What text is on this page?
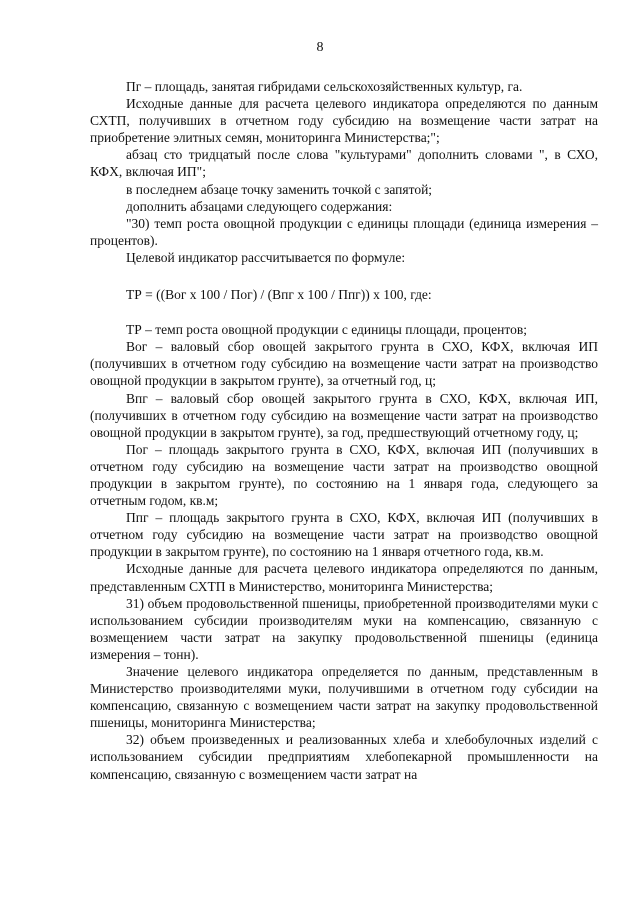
8

Пг – площадь, занятая гибридами сельскохозяйственных культур, га.

Исходные данные для расчета целевого индикатора определяются по данным СХТП, получивших в отчетном году субсидию на возмещение части затрат на приобретение элитных семян, мониторинга Министерства;";

абзац сто тридцатый после слова "культурами" дополнить словами ", в СХО, КФХ, включая ИП";

в последнем абзаце точку заменить точкой с запятой;

дополнить абзацами следующего содержания:

"30) темп роста овощной продукции с единицы площади (единица измерения – процентов).

Целевой индикатор рассчитывается по формуле:

ТР = ((Вог х 100 / Пог) / (Впг х 100 / Ппг)) х 100, где:

ТР – темп роста овощной продукции с единицы площади, процентов;

Вог – валовый сбор овощей закрытого грунта в СХО, КФХ, включая ИП (получивших в отчетном году субсидию на возмещение части затрат на производство овощной продукции в закрытом грунте), за отчетный год, ц;

Впг – валовый сбор овощей закрытого грунта в СХО, КФХ, включая ИП, (получивших в отчетном году субсидию на возмещение части затрат на производство овощной продукции в закрытом грунте), за год, предшествующий отчетному году, ц;

Пог – площадь закрытого грунта в СХО, КФХ, включая ИП (получивших в отчетном году субсидию на возмещение части затрат на производство овощной продукции в закрытом грунте), по состоянию на 1 января года, следующего за отчетным годом, кв.м;

Ппг – площадь закрытого грунта в СХО, КФХ, включая ИП (получивших в отчетном году субсидию на возмещение части затрат на производство овощной продукции в закрытом грунте), по состоянию на 1 января отчетного года, кв.м.

Исходные данные для расчета целевого индикатора определяются по данным, представленным СХТП в Министерство, мониторинга Министерства;

31) объем продовольственной пшеницы, приобретенной производителями муки с использованием субсидии производителям муки на компенсацию, связанную с возмещением части затрат на закупку продовольственной пшеницы (единица измерения – тонн).

Значение целевого индикатора определяется по данным, представленным в Министерство производителями муки, получившими в отчетном году субсидии на компенсацию, связанную с возмещением части затрат на закупку продовольственной пшеницы, мониторинга Министерства;

32) объем произведенных и реализованных хлеба и хлебобулочных изделий с использованием субсидии предприятиям хлебопекарной промышленности на компенсацию, связанную с возмещением части затрат на
